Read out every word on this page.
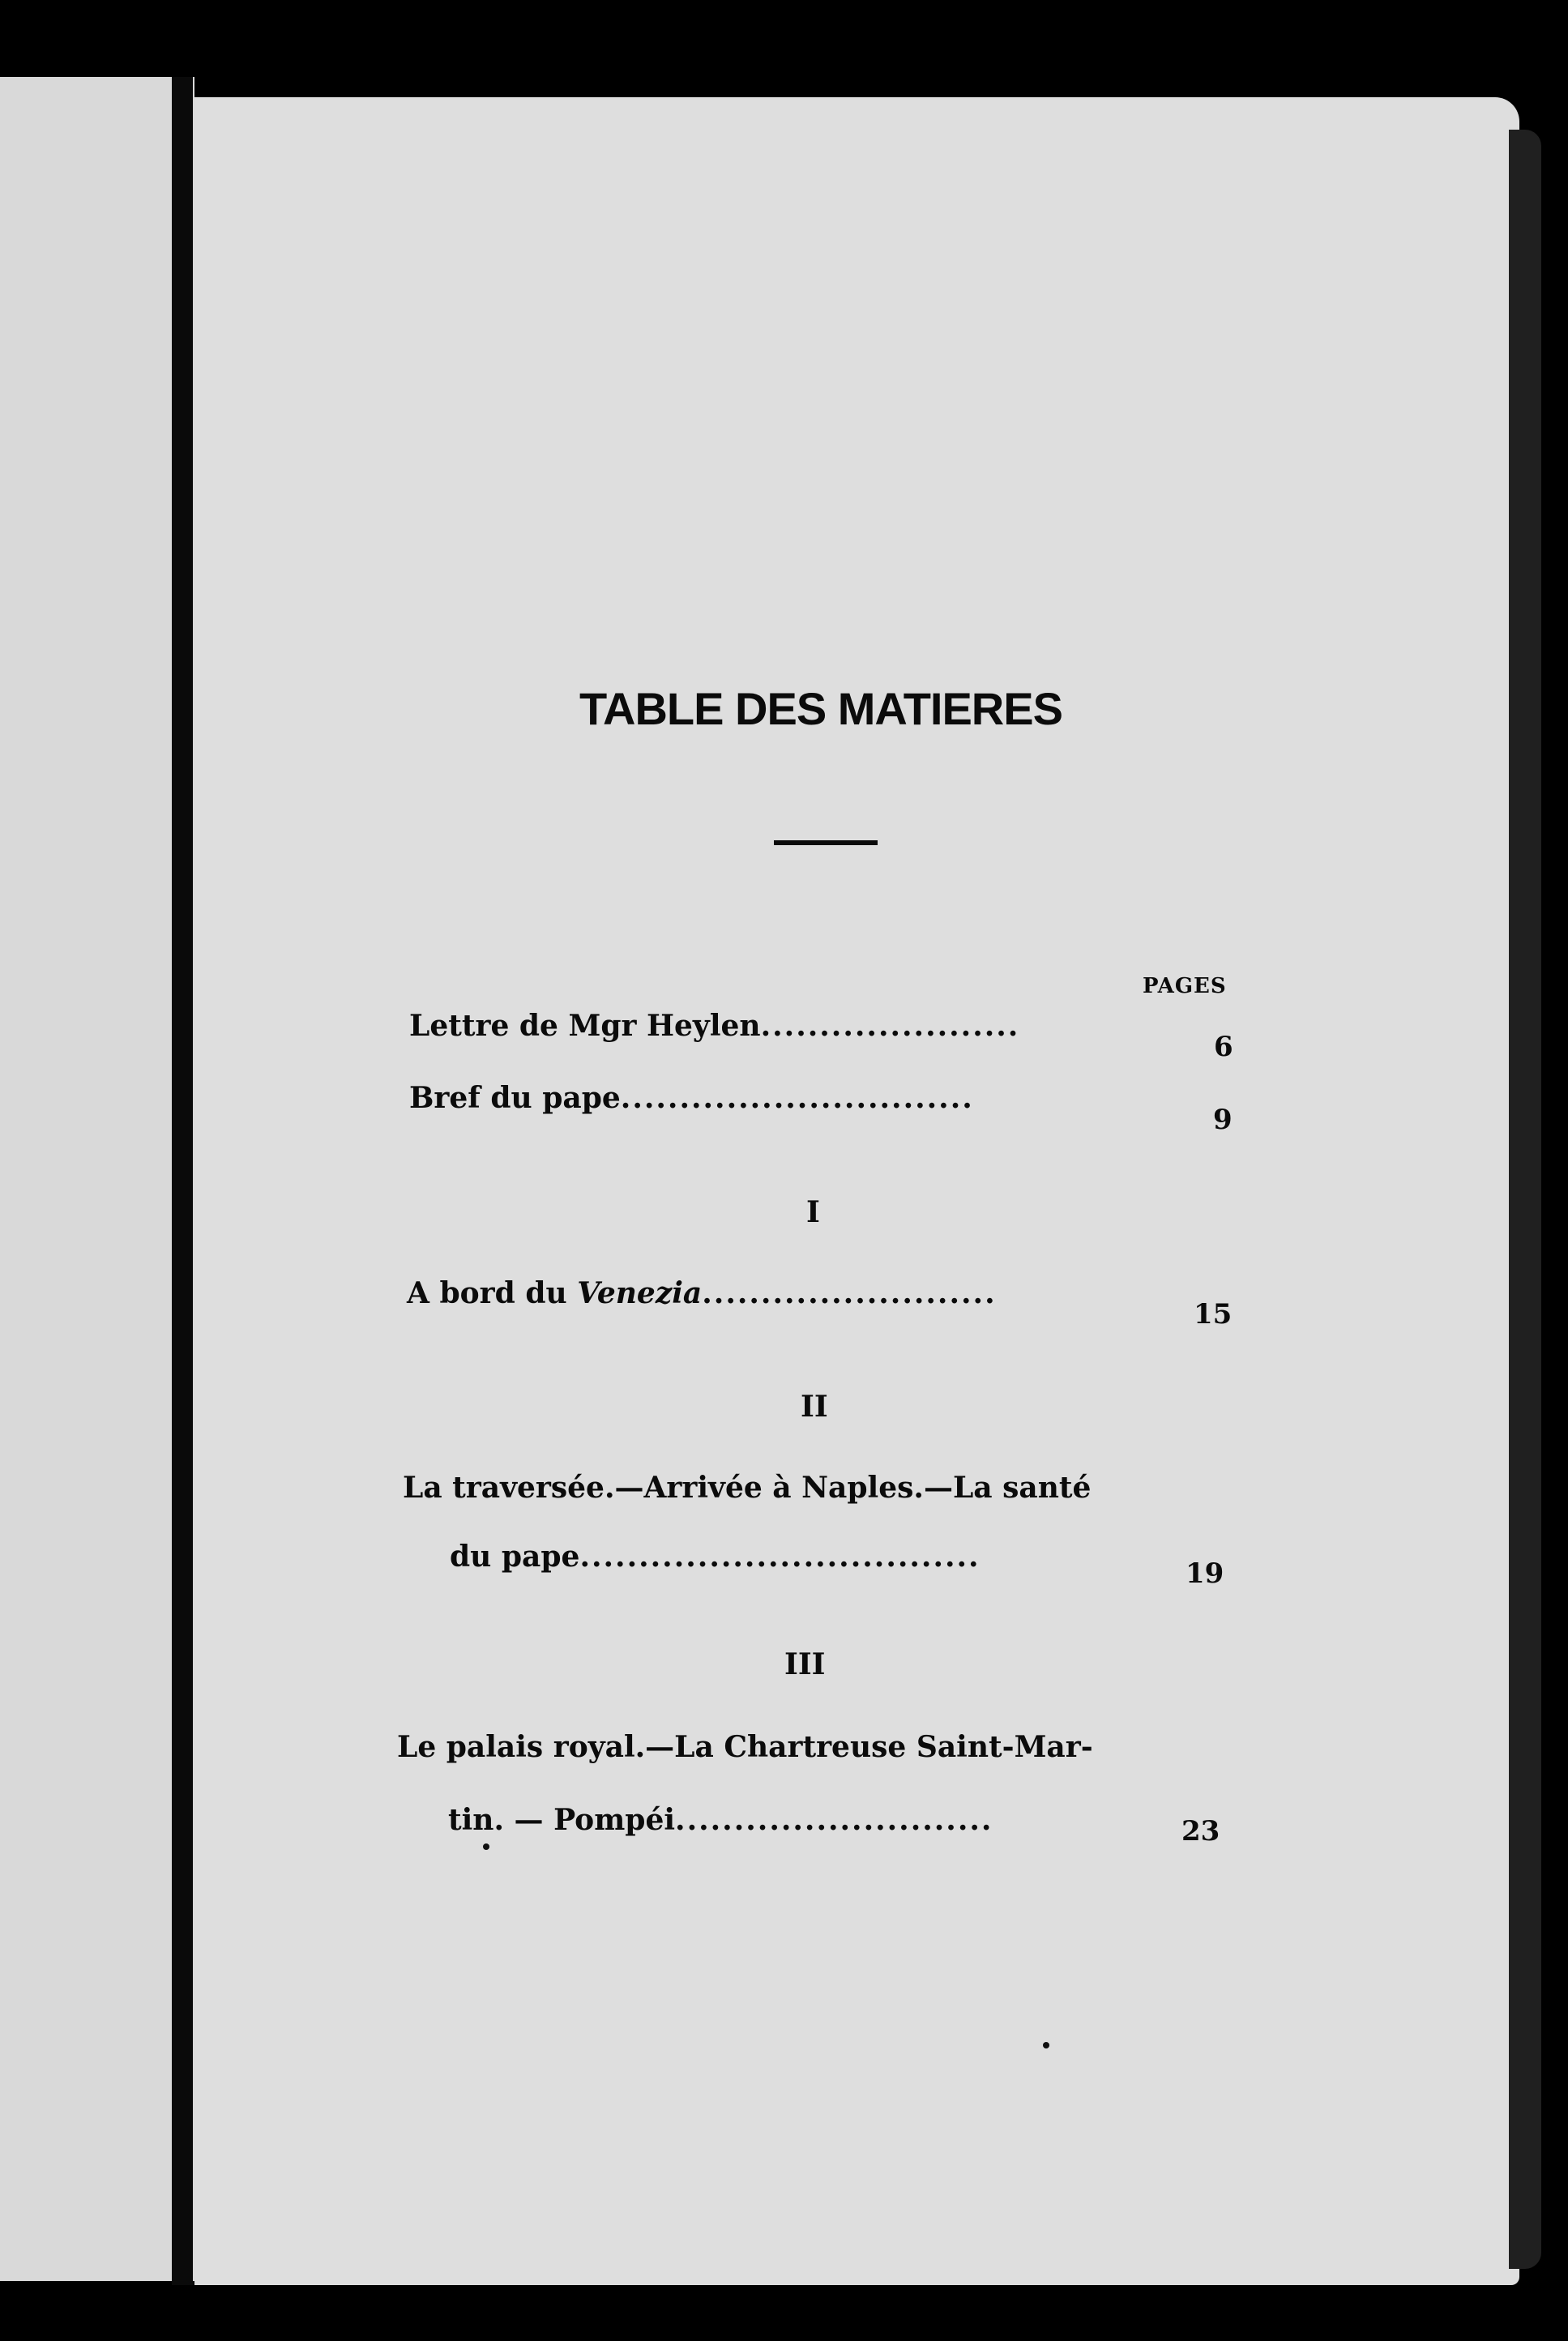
TABLE DES MATIERES
PAGES
Lettre de Mgr Heylen......................
6
Bref du pape..............................
9
I
A bord du Venezia.........................
15
II
La traversée.—Arrivée à Naples.—La santé
du pape..................................	19
III
Le palais royal.—La Chartreuse Saint-Mar-
tin. — Pompéi...........................	23
